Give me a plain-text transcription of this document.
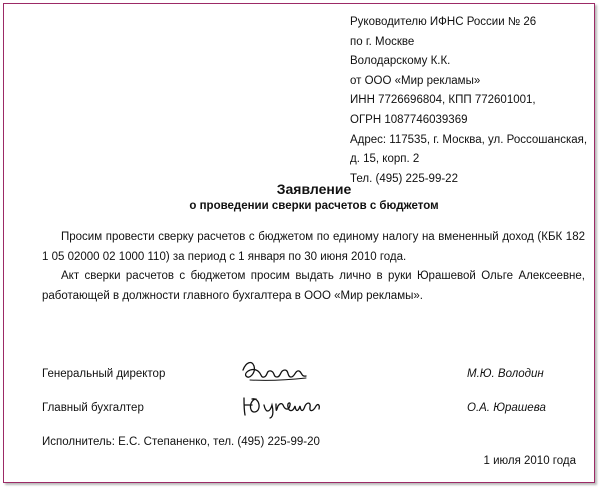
Руководителю ИФНС России № 26
по г. Москве
Володарскому К.К.
от ООО «Мир рекламы»
ИНН 7726696804, КПП 772601001,
ОГРН 1087746039369
Адрес: 117535, г. Москва, ул. Россошанская,
д. 15, корп. 2
Тел. (495) 225-99-22
Заявление
о проведении сверки расчетов с бюджетом

Просим провести сверку расчетов с бюджетом по единому налогу на вмененный доход (КБК 182 1 05 02000 02 1000 110) за период с 1 января по 30 июня 2010 года.

Акт сверки расчетов с бюджетом просим выдать лично в руки Юрашевой Ольге Алексеевне, работающей в должности главного бухгалтера в ООО «Мир рекламы».

Генеральный директор	М.Ю. Володин
Главный бухгалтер	О.А. Юрашева
Исполнитель: Е.С. Степаненко, тел. (495) 225-99-20
1 июля 2010 года
